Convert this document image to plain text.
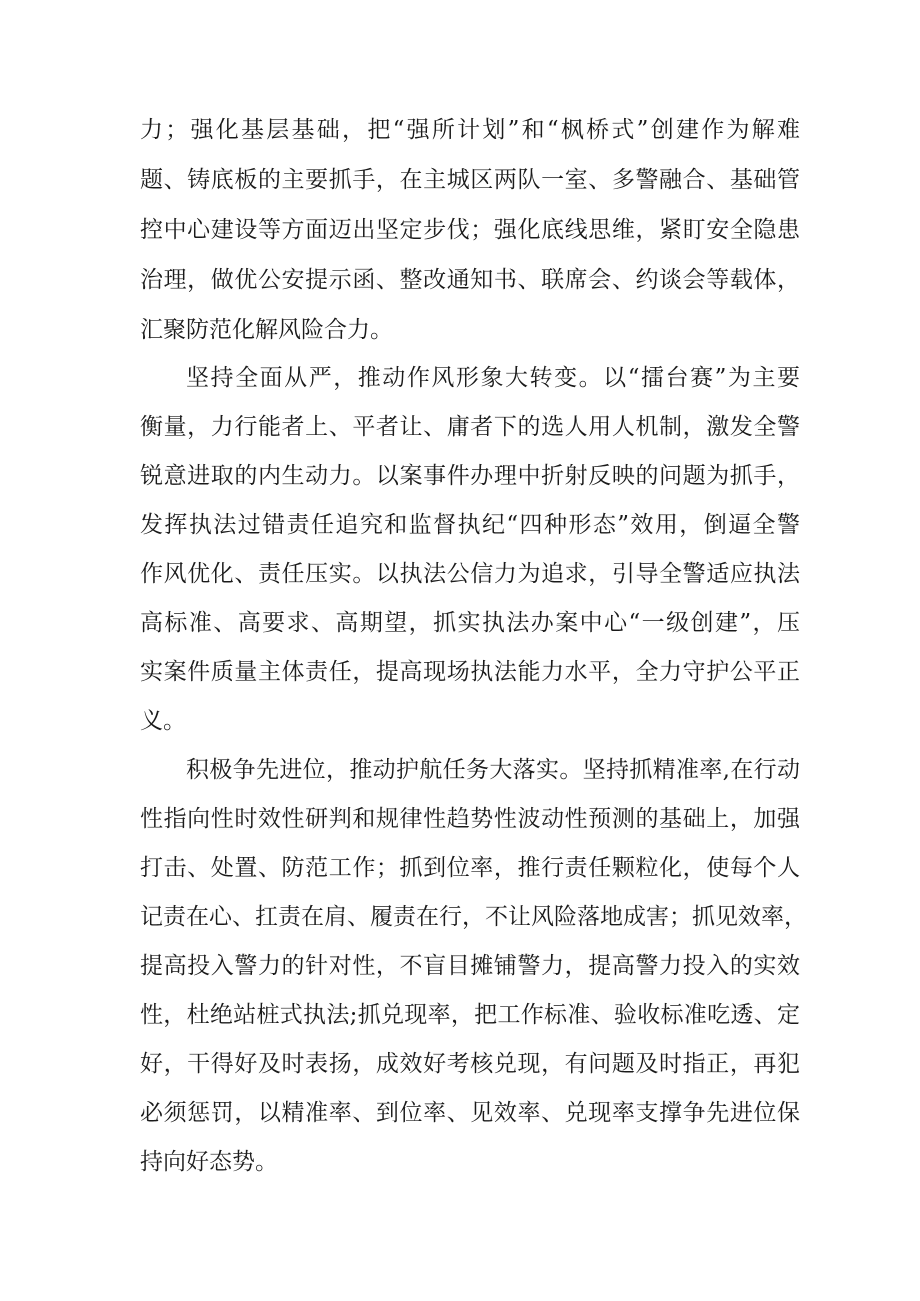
力；强化基层基础，把“强所计划”和“枫桥式”创建作为解难
题、铸底板的主要抓手，在主城区两队一室、多警融合、基础管
控中心建设等方面迈出坚定步伐；强化底线思维，紧盯安全隐患
治理，做优公安提示函、整改通知书、联席会、约谈会等载体，
汇聚防范化解风险合力。
坚持全面从严，推动作风形象大转变。以“擂台赛”为主要
衡量，力行能者上、平者让、庸者下的选人用人机制，激发全警
锐意进取的内生动力。以案事件办理中折射反映的问题为抓手，
发挥执法过错责任追究和监督执纪“四种形态”效用，倒逼全警
作风优化、责任压实。以执法公信力为追求，引导全警适应执法
高标准、高要求、高期望，抓实执法办案中心“一级创建”，压
实案件质量主体责任，提高现场执法能力水平，全力守护公平正
义。
积极争先进位，推动护航任务大落实。坚持抓精准率,在行动
性指向性时效性研判和规律性趋势性波动性预测的基础上，加强
打击、处置、防范工作；抓到位率，推行责任颗粒化，使每个人
记责在心、扛责在肩、履责在行，不让风险落地成害；抓见效率，
提高投入警力的针对性，不盲目摊铺警力，提高警力投入的实效
性，杜绝站桩式执法;抓兑现率，把工作标准、验收标准吃透、定
好，干得好及时表扬，成效好考核兑现，有问题及时指正，再犯
必须惩罚，以精准率、到位率、见效率、兑现率支撑争先进位保
持向好态势。
